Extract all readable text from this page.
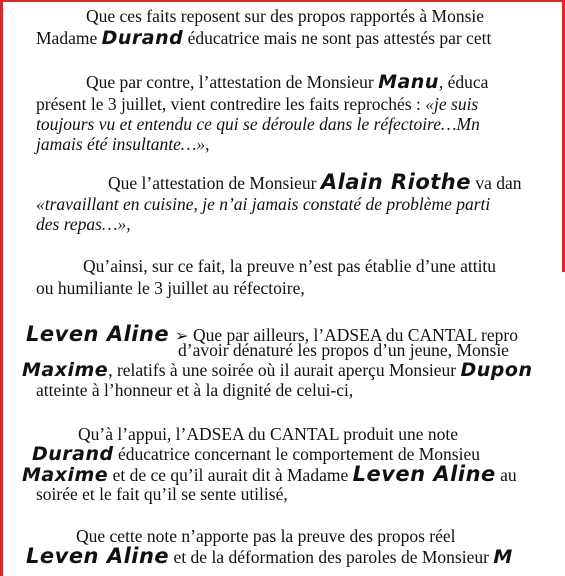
Que ces faits reposent sur des propos rapportés à Monsie
Madame Durand éducatrice mais ne sont pas attestés par cett
Que par contre, l’attestation de Monsieur Manu, éduca
présent le 3 juillet, vient contredire les faits reprochés : «je suis
toujours vu et entendu ce qui se déroule dans le réfectoire…Mn
jamais été insultante…»,
Que l’attestation de Monsieur Alain Riothe va dan
«travaillant en cuisine, je n’ai jamais constaté de problème parti
des repas…»,
Qu’ainsi, sur ce fait, la preuve n’est pas établie d’une attitu
ou humiliante le 3 juillet au réfectoire,
Leven Aline ➢ Que par ailleurs, l’ADSEA du CANTAL repro
d’avoir dénaturé les propos d’un jeune, Monsie
Maxime, relatifs à une soirée où il aurait aperçu Monsieur Dupon
atteinte à l’honneur et à la dignité de celui-ci,
Qu’à l’appui, l’ADSEA du CANTAL produit une note
Durand éducatrice concernant le comportement de Monsieu
Maxime et de ce qu’il aurait dit à Madame Leven Aline au
soirée et le fait qu’il se sente utilisé,
Que cette note n’apporte pas la preuve des propos réel
Leven Aline et de la déformation des paroles de Monsieur M
